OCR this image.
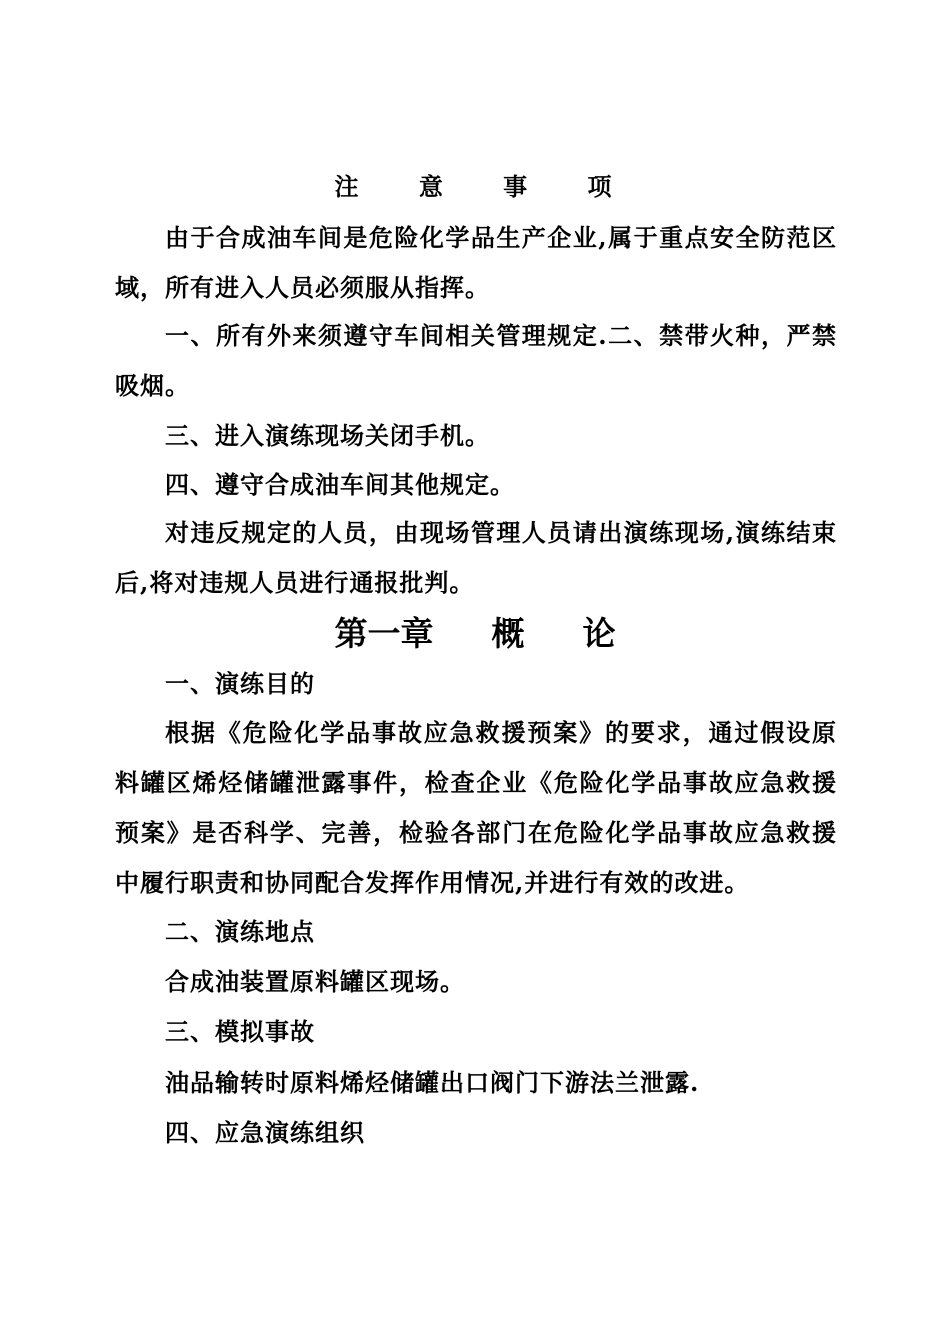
注 意 事 项
由于合成油车间是危险化学品生产企业,属于重点安全防范区域，所有进入人员必须服从指挥。
一、所有外来须遵守车间相关管理规定.二、禁带火种，严禁吸烟。
三、进入演练现场关闭手机。
四、遵守合成油车间其他规定。
对违反规定的人员，由现场管理人员请出演练现场,演练结束后,将对违规人员进行通报批判。
第一章 概 论
一、演练目的
根据《危险化学品事故应急救援预案》的要求，通过假设原料罐区烯烃储罐泄露事件，检查企业《危险化学品事故应急救援预案》是否科学、完善，检验各部门在危险化学品事故应急救援中履行职责和协同配合发挥作用情况,并进行有效的改进。
二、演练地点
合成油装置原料罐区现场。
三、模拟事故
油品输转时原料烯烃储罐出口阀门下游法兰泄露.
四、应急演练组织
